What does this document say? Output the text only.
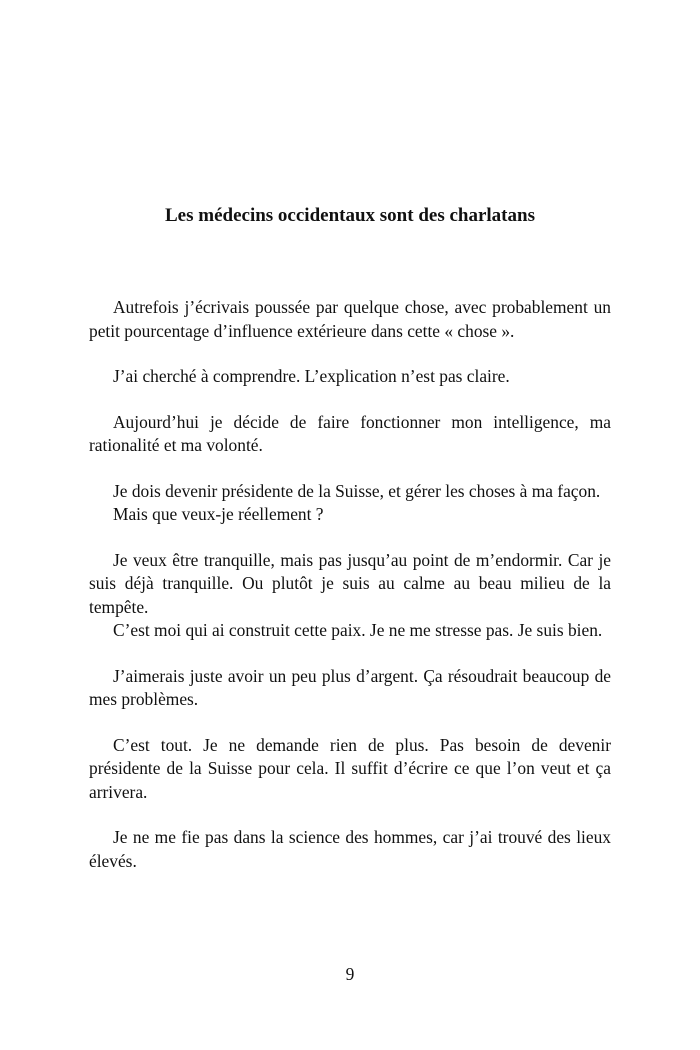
Les médecins occidentaux sont des charlatans

Autrefois j’écrivais poussée par quelque chose, avec probablement un petit pourcentage d’influence extérieure dans cette « chose ».

J’ai cherché à comprendre. L’explication n’est pas claire.

Aujourd’hui je décide de faire fonctionner mon intelligence, ma rationalité et ma volonté.

Je dois devenir présidente de la Suisse, et gérer les choses à ma façon.

Mais que veux-je réellement ?

Je veux être tranquille, mais pas jusqu’au point de m’endormir. Car je suis déjà tranquille. Ou plutôt je suis au calme au beau milieu de la tempête.

C’est moi qui ai construit cette paix. Je ne me stresse pas. Je suis bien.

J’aimerais juste avoir un peu plus d’argent. Ça résoudrait beaucoup de mes problèmes.

C’est tout. Je ne demande rien de plus. Pas besoin de devenir présidente de la Suisse pour cela. Il suffit d’écrire ce que l’on veut et ça arrivera.

Je ne me fie pas dans la science des hommes, car j’ai trouvé des lieux élevés.

9
